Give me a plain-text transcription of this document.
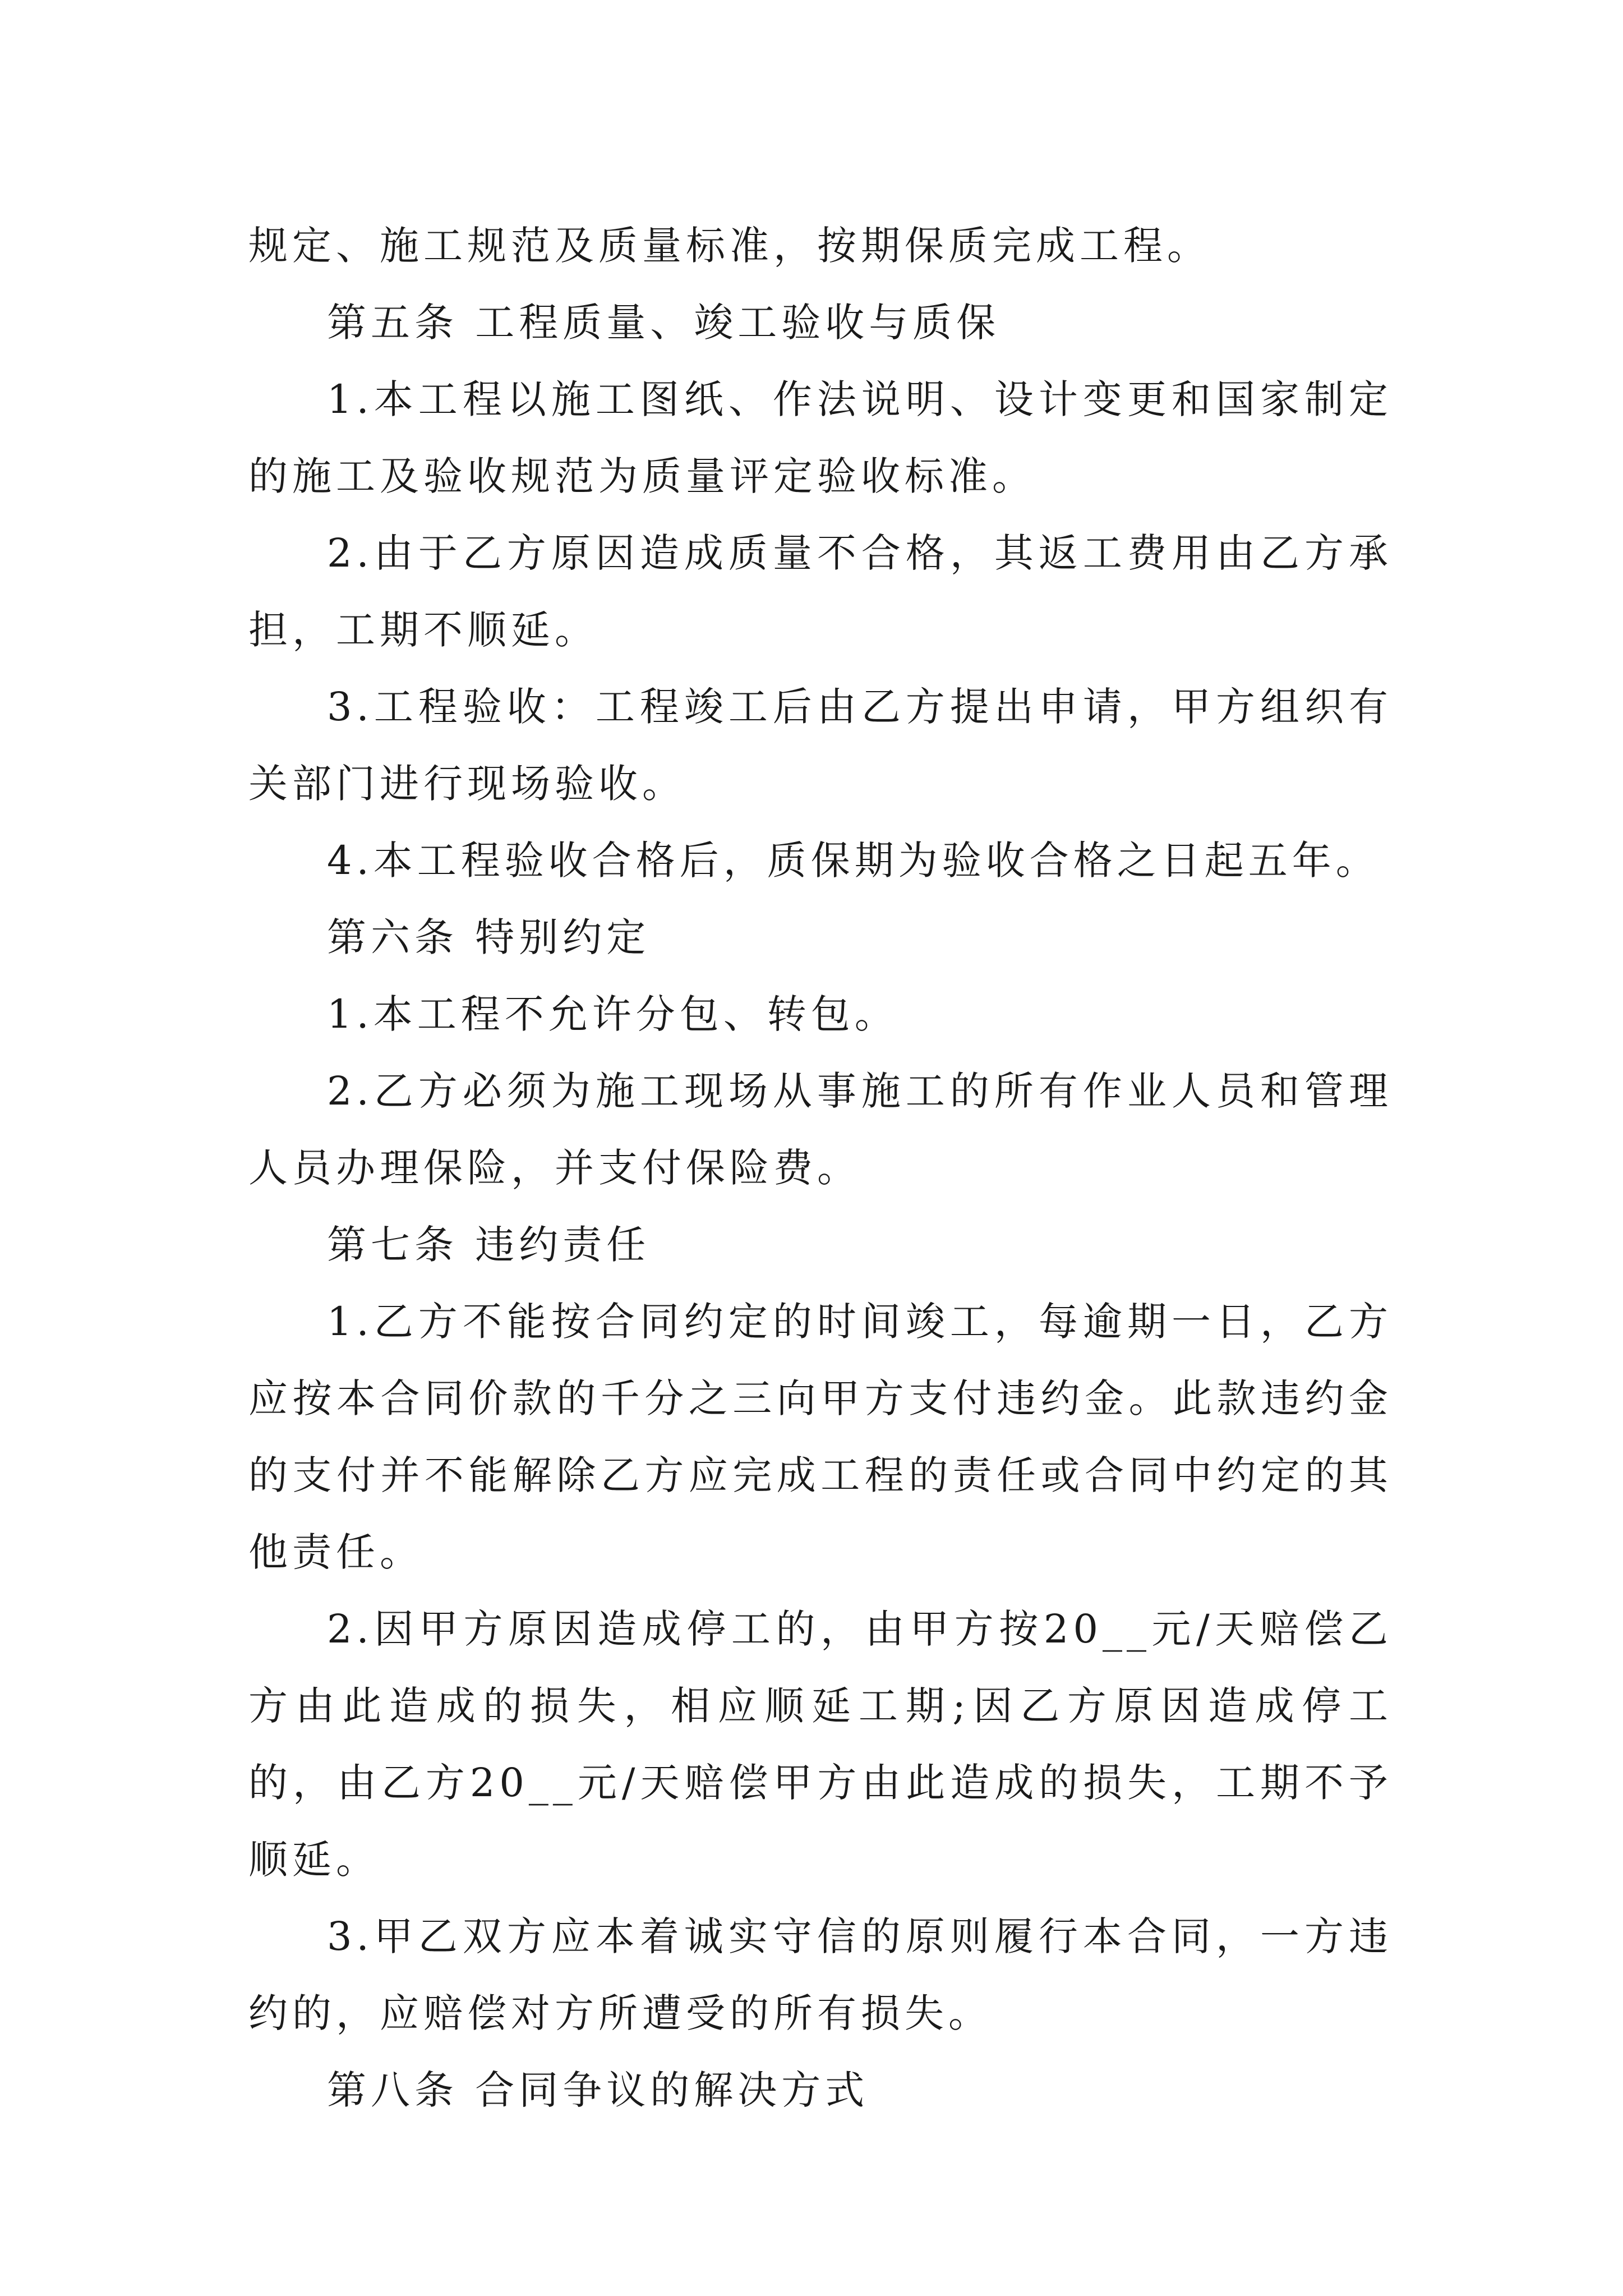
规定、施工规范及质量标准，按期保质完成工程。

第五条 工程质量、竣工验收与质保

1.本工程以施工图纸、作法说明、设计变更和国家制定的施工及验收规范为质量评定验收标准。

2.由于乙方原因造成质量不合格，其返工费用由乙方承担，工期不顺延。

3.工程验收：工程竣工后由乙方提出申请，甲方组织有关部门进行现场验收。

4.本工程验收合格后，质保期为验收合格之日起五年。

第六条 特别约定

1.本工程不允许分包、转包。

2.乙方必须为施工现场从事施工的所有作业人员和管理人员办理保险，并支付保险费。

第七条 违约责任

1.乙方不能按合同约定的时间竣工，每逾期一日，乙方应按本合同价款的千分之三向甲方支付违约金。此款违约金的支付并不能解除乙方应完成工程的责任或合同中约定的其他责任。

2.因甲方原因造成停工的，由甲方按20__元/天赔偿乙方由此造成的损失，相应顺延工期;因乙方原因造成停工的，由乙方20__元/天赔偿甲方由此造成的损失，工期不予顺延。

3.甲乙双方应本着诚实守信的原则履行本合同，一方违约的，应赔偿对方所遭受的所有损失。

第八条 合同争议的解决方式
